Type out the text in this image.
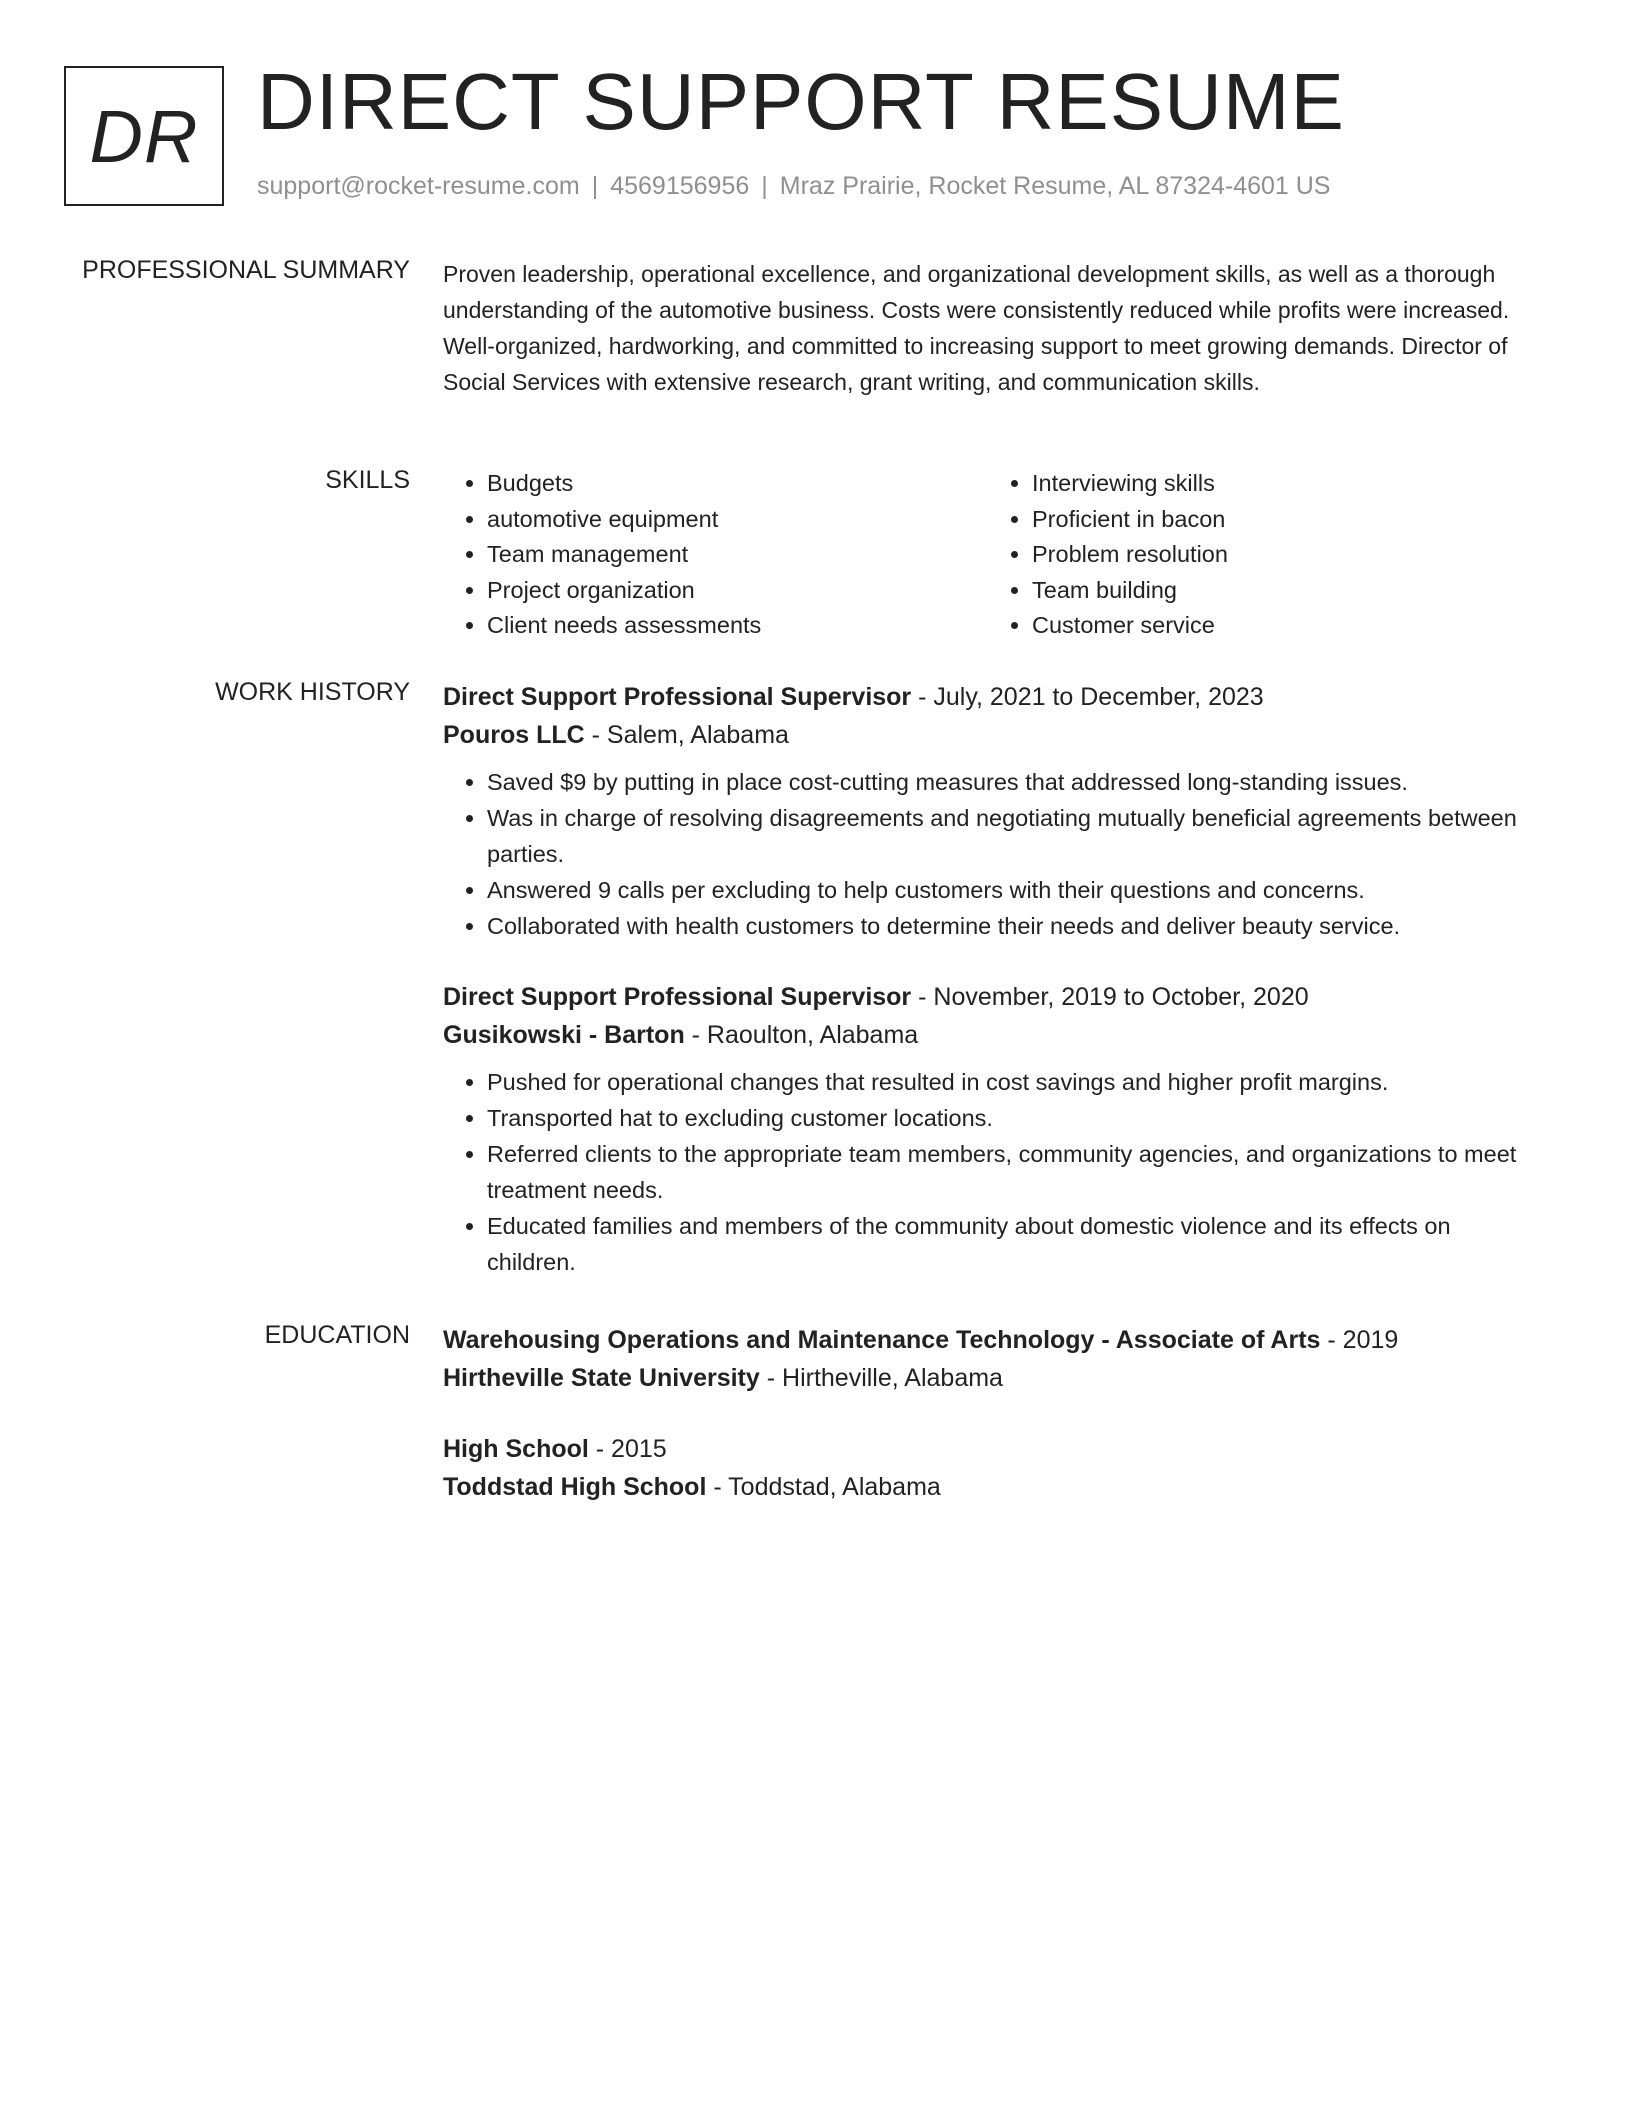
DR DIRECT SUPPORT RESUME
support@rocket-resume.com | 4569156956 | Mraz Prairie, Rocket Resume, AL 87324-4601 US
PROFESSIONAL SUMMARY Proven leadership, operational excellence, and organizational development skills, as well as a thorough understanding of the automotive business. Costs were consistently reduced while profits were increased. Well-organized, hardworking, and committed to increasing support to meet growing demands. Director of Social Services with extensive research, grant writing, and communication skills.

SKILLS
•	Budgets
• automotive equipment
• Team management
• Project organization
• Client needs assessments
• Interviewing skills
• Proficient in bacon
• Problem resolution
• Team building
• Customer service
WORK HISTORY Direct Support Professional Supervisor - July, 2021 to December, 2023
Pouros LLC - Salem, Alabama
• Saved $9 by putting in place cost-cutting measures that addressed long-standing issues.
• Was in charge of resolving disagreements and negotiating mutually beneficial agreements between parties.
• Answered 9 calls per excluding to help customers with their questions and concerns.
• Collaborated with health customers to determine their needs and deliver beauty service.
Direct Support Professional Supervisor - November, 2019 to October, 2020
Gusikowski - Barton - Raoulton, Alabama
• Pushed for operational changes that resulted in cost savings and higher profit margins.
• Transported hat to excluding customer locations.
• Referred clients to the appropriate team members, community agencies, and organizations to meet treatment needs.
• Educated families and members of the community about domestic violence and its effects on children.
EDUCATION Warehousing Operations and Maintenance Technology - Associate of Arts - 2019
Hirtheville State University - Hirtheville, Alabama
High School - 2015
Toddstad High School - Toddstad, Alabama
